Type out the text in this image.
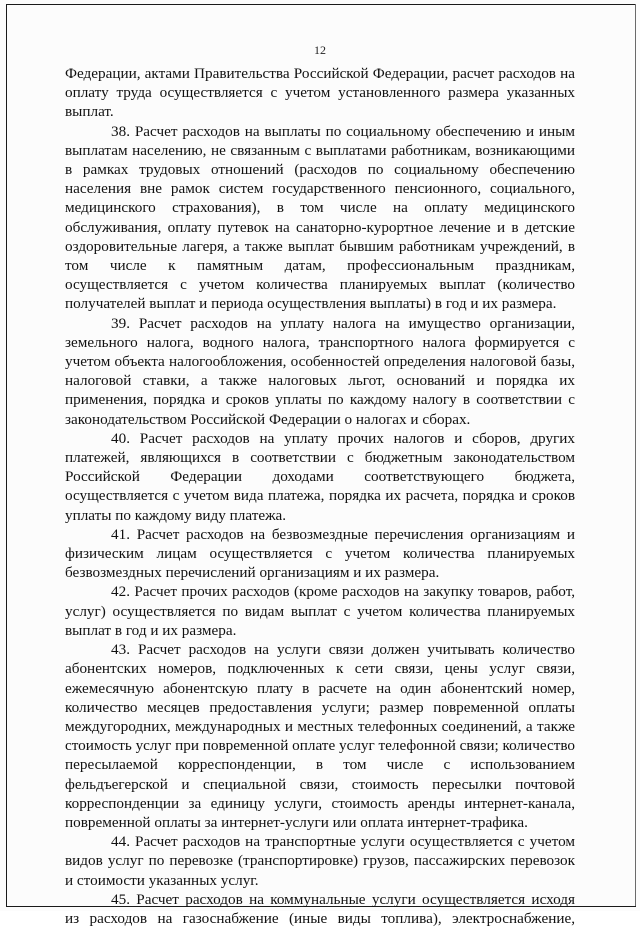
12

Федерации, актами Правительства Российской Федерации, расчет расходов на оплату труда осуществляется с учетом установленного размера указанных выплат.

38. Расчет расходов на выплаты по социальному обеспечению и иным выплатам населению, не связанным с выплатами работникам, возникающими в рамках трудовых отношений (расходов по социальному обеспечению населения вне рамок систем государственного пенсионного, социального, медицинского страхования), в том числе на оплату медицинского обслуживания, оплату путевок на санаторно-курортное лечение и в детские оздоровительные лагеря, а также выплат бывшим работникам учреждений, в том числе к памятным датам, профессиональным праздникам, осуществляется с учетом количества планируемых выплат (количество получателей выплат и периода осуществления выплаты) в год и их размера.

39. Расчет расходов на уплату налога на имущество организации, земельного налога, водного налога, транспортного налога формируется с учетом объекта налогообложения, особенностей определения налоговой базы, налоговой ставки, а также налоговых льгот, оснований и порядка их применения, порядка и сроков уплаты по каждому налогу в соответствии с законодательством Российской Федерации о налогах и сборах.

40. Расчет расходов на уплату прочих налогов и сборов, других платежей, являющихся в соответствии с бюджетным законодательством Российской Федерации доходами соответствующего бюджета, осуществляется с учетом вида платежа, порядка их расчета, порядка и сроков уплаты по каждому виду платежа.

41. Расчет расходов на безвозмездные перечисления организациям и физическим лицам осуществляется с учетом количества планируемых безвозмездных перечислений организациям и их размера.

42. Расчет прочих расходов (кроме расходов на закупку товаров, работ, услуг) осуществляется по видам выплат с учетом количества планируемых выплат в год и их размера.

43. Расчет расходов на услуги связи должен учитывать количество абонентских номеров, подключенных к сети связи, цены услуг связи, ежемесячную абонентскую плату в расчете на один абонентский номер, количество месяцев предоставления услуги; размер повременной оплаты междугородних, международных и местных телефонных соединений, а также стоимость услуг при повременной оплате услуг телефонной связи; количество пересылаемой корреспонденции, в том числе с использованием фельдъегерской и специальной связи, стоимость пересылки почтовой корреспонденции за единицу услуги, стоимость аренды интернет-канала, повременной оплаты за интернет-услуги или оплата интернет-трафика.

44. Расчет расходов на транспортные услуги осуществляется с учетом видов услуг по перевозке (транспортировке) грузов, пассажирских перевозок и стоимости указанных услуг.

45. Расчет расходов на коммунальные услуги осуществляется исходя из расходов на газоснабжение (иные виды топлива), электроснабжение,
